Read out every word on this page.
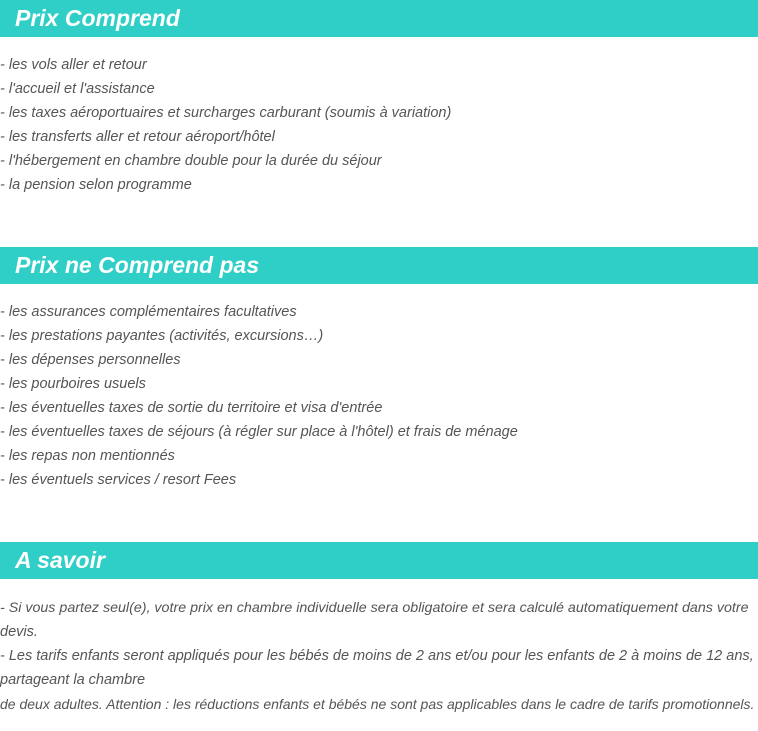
Prix Comprend
- les vols aller et retour
- l'accueil et l'assistance
- les taxes aéroportuaires et surcharges carburant (soumis à variation)
- les transferts aller et retour aéroport/hôtel
- l'hébergement en chambre double pour la durée du séjour
- la pension selon programme
Prix ne Comprend pas
- les assurances complémentaires facultatives
- les prestations payantes (activités, excursions…)
- les dépenses personnelles
- les pourboires usuels
- les éventuelles taxes de sortie du territoire et visa d'entrée
- les éventuelles taxes de séjours (à régler sur place à l'hôtel) et frais de ménage
- les repas non mentionnés
- les éventuels services / resort Fees
A savoir
- Si vous partez seul(e), votre prix en chambre individuelle sera obligatoire et sera calculé automatiquement dans votre
devis.
- Les tarifs enfants seront appliqués pour les bébés de moins de 2 ans et/ou pour les enfants de 2 à moins de 12 ans,
partageant la chambre
de deux adultes. Attention : les réductions enfants et bébés ne sont pas applicables dans le cadre de tarifs promotionnels.
